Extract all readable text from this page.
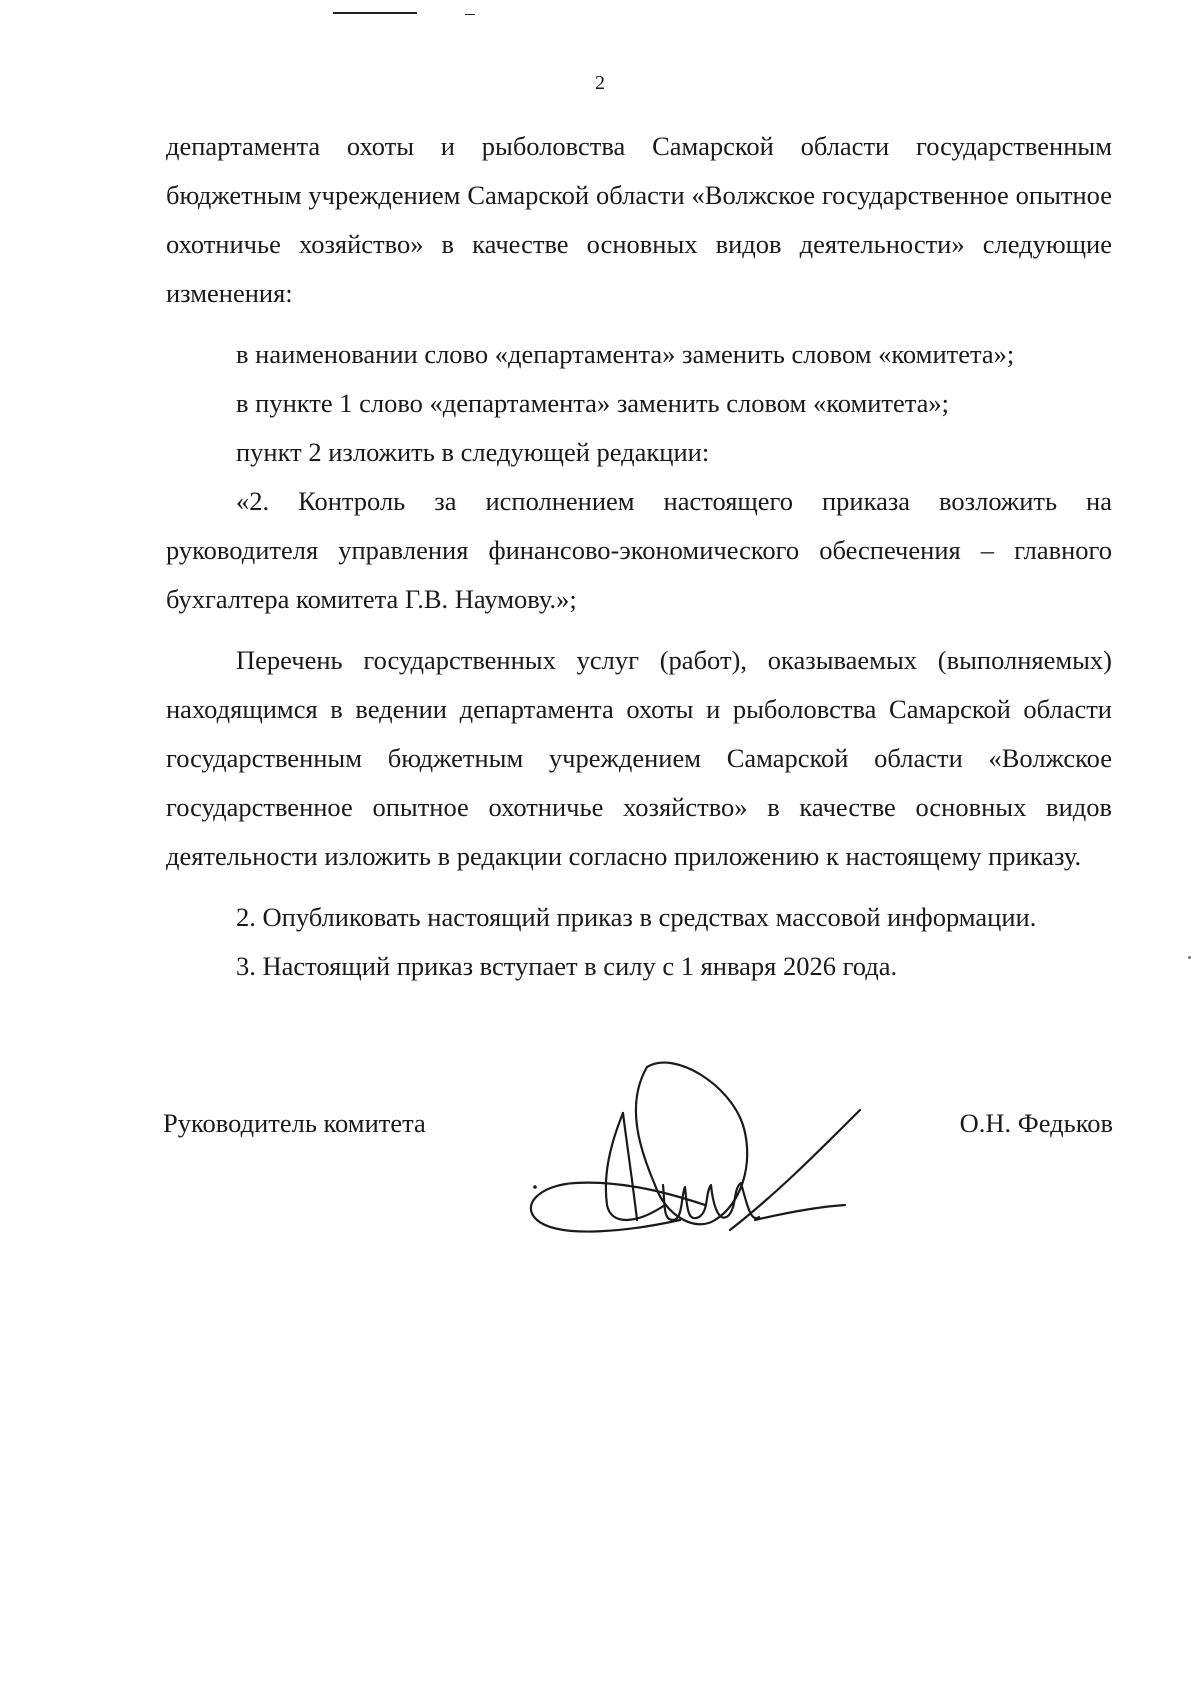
2

департамента охоты и рыболовства Самарской области государственным бюджетным учреждением Самарской области «Волжское государственное опытное охотничье хозяйство» в качестве основных видов деятельности» следующие изменения:

в наименовании слово «департамента» заменить словом «комитета»;

в пункте 1 слово «департамента» заменить словом «комитета»;

пункт 2 изложить в следующей редакции:

«2. Контроль за исполнением настоящего приказа возложить на руководителя управления финансово-экономического обеспечения – главного бухгалтера комитета Г.В. Наумову.»;

Перечень государственных услуг (работ), оказываемых (выполняемых) находящимся в ведении департамента охоты и рыболовства Самарской области государственным бюджетным учреждением Самарской области «Волжское государственное опытное охотничье хозяйство» в качестве основных видов деятельности изложить в редакции согласно приложению к настоящему приказу.

2. Опубликовать настоящий приказ в средствах массовой информации.

3. Настоящий приказ вступает в силу с 1 января 2026 года.

Руководитель комитета	О.Н. Федьков
